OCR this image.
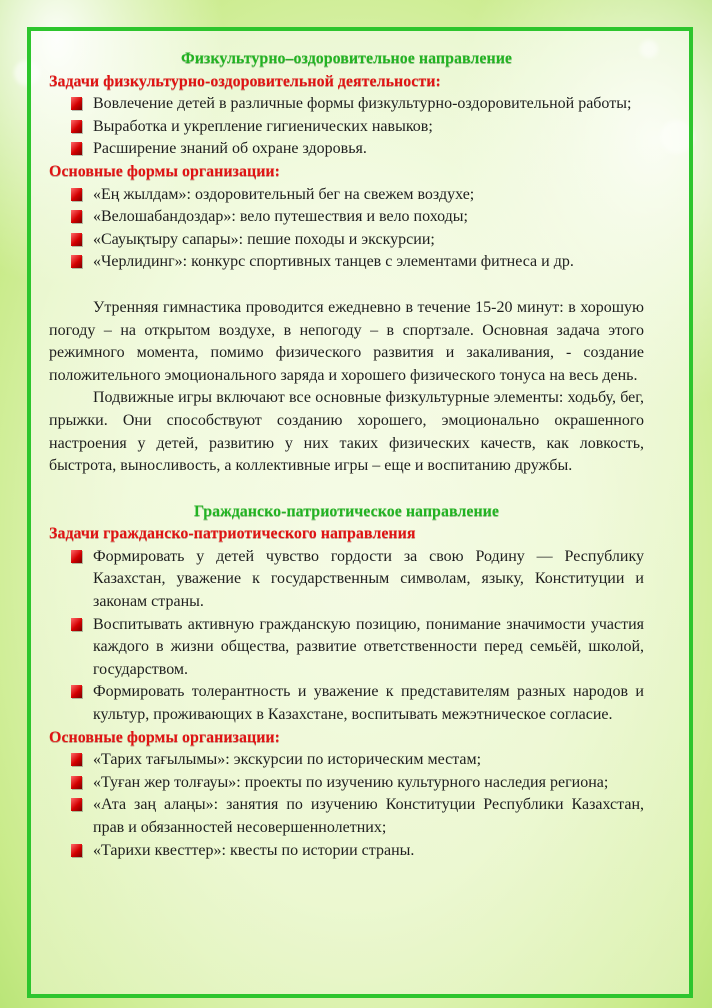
Физкультурно–оздоровительное направление

Задачи физкультурно-оздоровительной деятельности:

Вовлечение детей в различные формы физкультурно-оздоровительной работы;
Выработка и укрепление гигиенических навыков;
Расширение знаний об охране здоровья.

Основные формы организации:

«Ең жылдам»: оздоровительный бег на свежем воздухе;
«Велошабандоздар»: вело путешествия и вело походы;
«Сауықтыру сапары»: пешие походы и экскурсии;
«Черлидинг»: конкурс спортивных танцев с элементами фитнеса и др.

Утренняя гимнастика проводится ежедневно в течение 15-20 минут: в хорошую погоду – на открытом воздухе, в непогоду – в спортзале. Основная задача этого режимного момента, помимо физического развития и закаливания, - создание положительного эмоционального заряда и хорошего физического тонуса на весь день.

Подвижные игры включают все основные физкультурные элементы: ходьбу, бег, прыжки. Они способствуют созданию хорошего, эмоционально окрашенного настроения у детей, развитию у них таких физических качеств, как ловкость, быстрота, выносливость, а коллективные игры – еще и воспитанию дружбы.

Гражданско-патриотическое направление

Задачи гражданско-патриотического направления

Формировать у детей чувство гордости за свою Родину — Республику Казахстан, уважение к государственным символам, языку, Конституции и законам страны.
Воспитывать активную гражданскую позицию, понимание значимости участия каждого в жизни общества, развитие ответственности перед семьёй, школой, государством.
Формировать толерантность и уважение к представителям разных народов и культур, проживающих в Казахстане, воспитывать межэтническое согласие.

Основные формы организации:

«Тарих тағылымы»: экскурсии по историческим местам;
«Туған жер толғауы»: проекты по изучению культурного наследия региона;
«Ата заң алаңы»: занятия по изучению Конституции Республики Казахстан, прав и обязанностей несовершеннолетних;
«Тарихи квесттер»: квесты по истории страны.
